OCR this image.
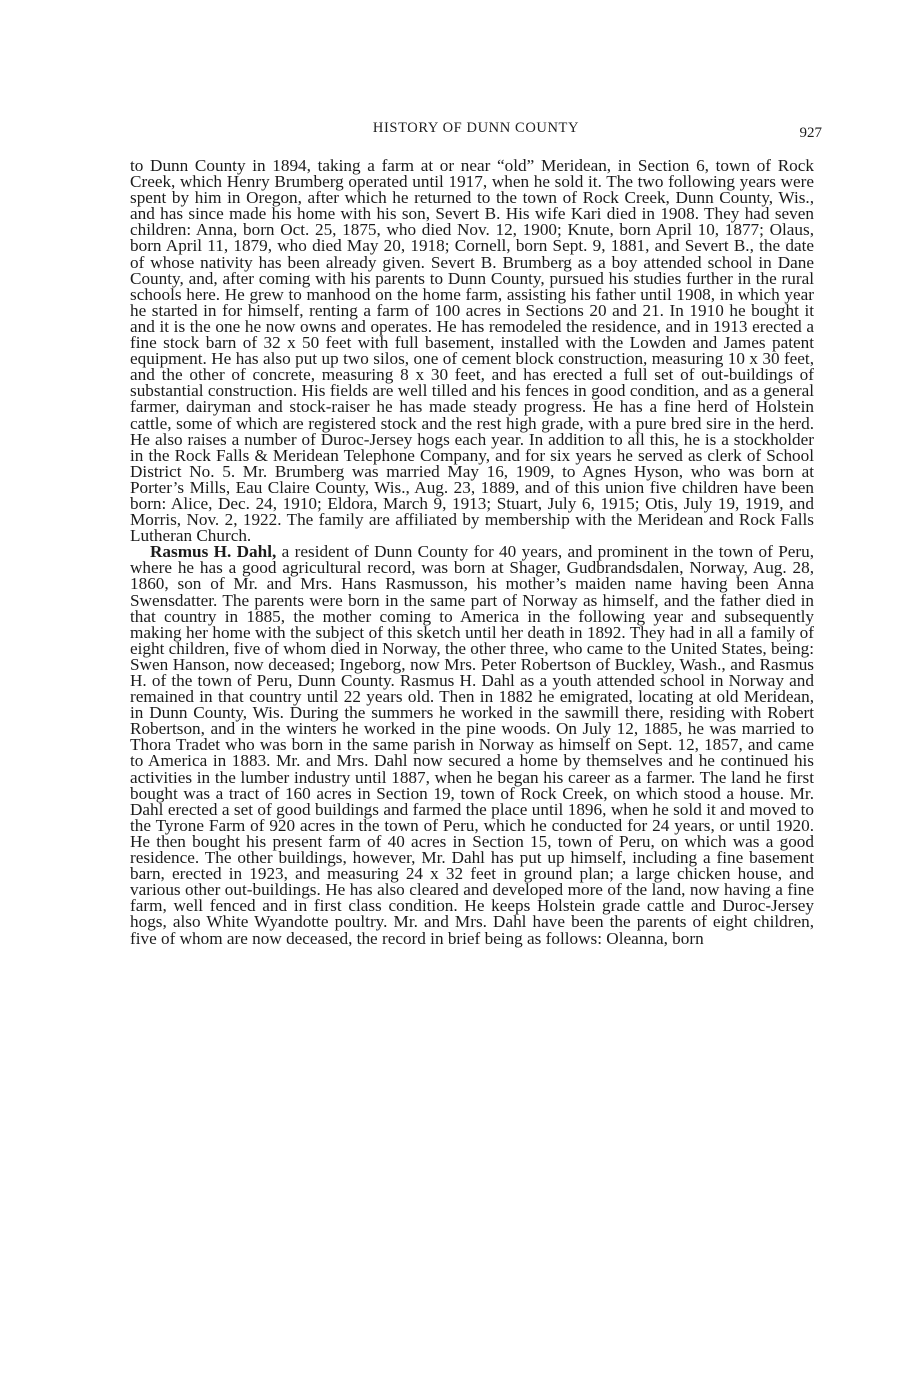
HISTORY OF DUNN COUNTY	927

to Dunn County in 1894, taking a farm at or near “old” Meridean, in Section 6, town of Rock Creek, which Henry Brumberg operated until 1917, when he sold it. The two following years were spent by him in Oregon, after which he returned to the town of Rock Creek, Dunn County, Wis., and has since made his home with his son, Severt B. His wife Kari died in 1908. They had seven children: Anna, born Oct. 25, 1875, who died Nov. 12, 1900; Knute, born April 10, 1877; Olaus, born April 11, 1879, who died May 20, 1918; Cornell, born Sept. 9, 1881, and Severt B., the date of whose nativity has been already given. Severt B. Brumberg as a boy attended school in Dane County, and, after coming with his parents to Dunn County, pursued his studies further in the rural schools here. He grew to manhood on the home farm, assisting his father until 1908, in which year he started in for himself, renting a farm of 100 acres in Sections 20 and 21. In 1910 he bought it and it is the one he now owns and operates. He has remodeled the residence, and in 1913 erected a fine stock barn of 32 x 50 feet with full basement, installed with the Lowden and James patent equipment. He has also put up two silos, one of cement block construction, measuring 10 x 30 feet, and the other of concrete, measuring 8 x 30 feet, and has erected a full set of out-buildings of substantial construction. His fields are well tilled and his fences in good condition, and as a general farmer, dairyman and stock-raiser he has made steady progress. He has a fine herd of Holstein cattle, some of which are registered stock and the rest high grade, with a pure bred sire in the herd. He also raises a number of Duroc-Jersey hogs each year. In addition to all this, he is a stockholder in the Rock Falls & Meridean Telephone Company, and for six years he served as clerk of School District No. 5. Mr. Brumberg was married May 16, 1909, to Agnes Hyson, who was born at Porter’s Mills, Eau Claire County, Wis., Aug. 23, 1889, and of this union five children have been born: Alice, Dec. 24, 1910; Eldora, March 9, 1913; Stuart, July 6, 1915; Otis, July 19, 1919, and Morris, Nov. 2, 1922. The family are affiliated by membership with the Meridean and Rock Falls Lutheran Church.

Rasmus H. Dahl, a resident of Dunn County for 40 years, and prominent in the town of Peru, where he has a good agricultural record, was born at Shager, Gudbrandsdalen, Norway, Aug. 28, 1860, son of Mr. and Mrs. Hans Rasmusson, his mother’s maiden name having been Anna Swensdatter. The parents were born in the same part of Norway as himself, and the father died in that country in 1885, the mother coming to America in the following year and subsequently making her home with the subject of this sketch until her death in 1892. They had in all a family of eight children, five of whom died in Norway, the other three, who came to the United States, being: Swen Hanson, now deceased; Ingeborg, now Mrs. Peter Robertson of Buckley, Wash., and Rasmus H. of the town of Peru, Dunn County. Rasmus H. Dahl as a youth attended school in Norway and remained in that country until 22 years old. Then in 1882 he emigrated, locating at old Meridean, in Dunn County, Wis. During the summers he worked in the sawmill there, residing with Robert Robertson, and in the winters he worked in the pine woods. On July 12, 1885, he was married to Thora Tradet who was born in the same parish in Norway as himself on Sept. 12, 1857, and came to America in 1883. Mr. and Mrs. Dahl now secured a home by themselves and he continued his activities in the lumber industry until 1887, when he began his career as a farmer. The land he first bought was a tract of 160 acres in Section 19, town of Rock Creek, on which stood a house. Mr. Dahl erected a set of good buildings and farmed the place until 1896, when he sold it and moved to the Tyrone Farm of 920 acres in the town of Peru, which he conducted for 24 years, or until 1920. He then bought his present farm of 40 acres in Section 15, town of Peru, on which was a good residence. The other buildings, however, Mr. Dahl has put up himself, including a fine basement barn, erected in 1923, and measuring 24 x 32 feet in ground plan; a large chicken house, and various other out-buildings. He has also cleared and developed more of the land, now having a fine farm, well fenced and in first class condition. He keeps Holstein grade cattle and Duroc-Jersey hogs, also White Wyandotte poultry. Mr. and Mrs. Dahl have been the parents of eight children, five of whom are now deceased, the record in brief being as follows: Oleanna, born
